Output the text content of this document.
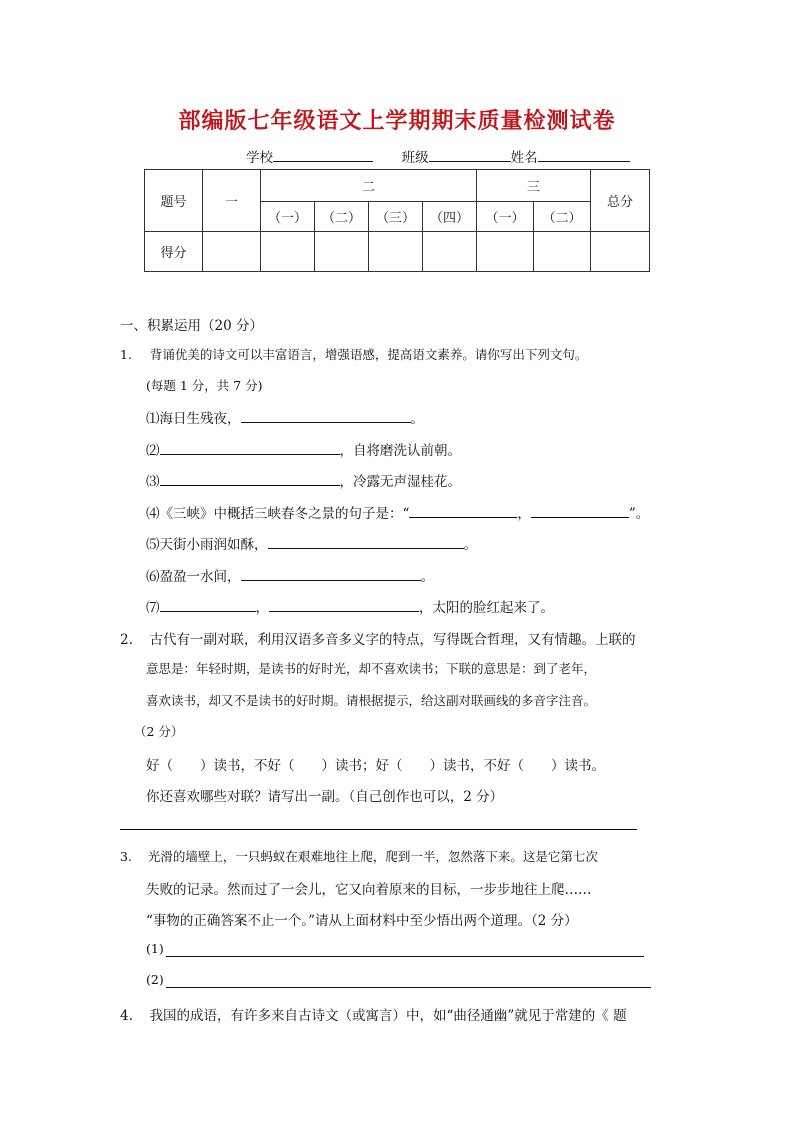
部编版七年级语文上学期期末质量检测试卷
学校	班级	姓名
题号	一	二				三		总分
		（一）	（二）	（三）	（四）	（一）	（二）	
得分								
一、积累运用（20 分）
1. 背诵优美的诗文可以丰富语言，增强语感，提高语文素养。请你写出下列文句。
(每题 1 分，共 7 分)
⑴海日生残夜，	。
⑵	，自将磨洗认前朝。
⑶	，冷露无声湿桂花。
⑷《三峡》中概括三峡春冬之景的句子是：“	，	”。
⑸天街小雨润如酥，	。
⑹盈盈一水间，	。
⑺	，	，太阳的脸红起来了。
2. 古代有一副对联，利用汉语多音多义字的特点，写得既合哲理，又有情趣。上联的
意思是：年轻时期，是读书的好时光，却不喜欢读书；下联的意思是：到了老年，
喜欢读书，却又不是读书的好时期。请根据提示，给这副对联画线的多音字注音。
（2 分）
好（　　）读书，不好（　　）读书；好（　　）读书，不好（　　）读书。
你还喜欢哪些对联？请写出一副。（自己创作也可以，2 分）
3. 光滑的墙壁上，一只蚂蚁在艰难地往上爬，爬到一半，忽然落下来。这是它第七次
失败的记录。然而过了一会儿，它又向着原来的目标，一步步地往上爬……
“事物的正确答案不止一个。”请从上面材料中至少悟出两个道理。（2 分）
(1)
(2)
4. 我国的成语，有许多来自古诗文（或寓言）中，如“曲径通幽”就见于常建的《 题
